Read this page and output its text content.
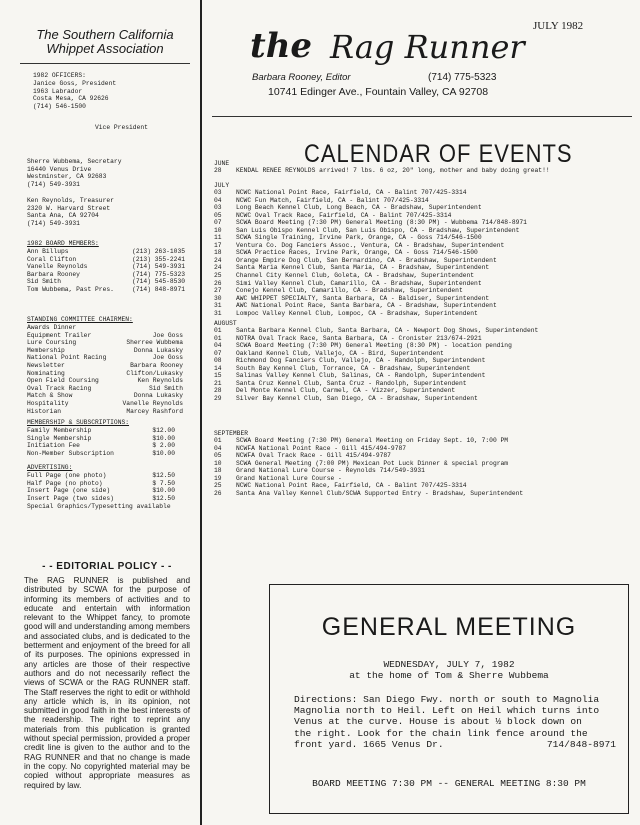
The Southern California
Whippet Association
1982 OFFICERS:
Janice Goss, President
1963 Labrador
Costa Mesa, CA 92626
(714) 546-1500
Vice President
Sherre Wubbema, Secretary
16440 Venus Drive
Westminster, CA 92683
(714) 549-3931
Ken Reynolds, Treasurer
2320 W. Harvard Street
Santa Ana, CA 92704
(714) 549-3931
1982 BOARD MEMBERS:
Ann Billups	(213) 263-1035
Coral Clifton	(213) 355-2241
Vanelle Reynolds	(714) 549-3931
Barbara Rooney	(714) 775-5323
Sid Smith	(714) 545-8530
Tom Wubbema, Past Pres.	(714) 848-8971
STANDING COMMITTEE CHAIRMEN:
Awards Dinner
Equipment Trailer	Joe Goss
Lure Coursing	Sherree Wubbema
Membership	Donna Lukasky
National Point Racing	Joe Goss
Newsletter	Barbara Rooney
Nominating	Clifton/Lukasky
Open Field Coursing	Ken Reynolds
Oval Track Racing	Sid Smith
Match & Show	Donna Lukasky
Hospitality	Vanelle Reynolds
Historian	Marcey Rashford
MEMBERSHIP & SUBSCRIPTIONS:
Family Membership	$12.00
Single Membership	$10.00
Initiation Fee	$ 2.00
Non-Member Subscription	$10.00
ADVERTISING:
Full Page (one photo)	$12.50
Half Page (no photo)	$ 7.50
Insert Page (one side)	$10.00
Insert Page (two sides)	$12.50
Special Graphics/Typesetting available
- - EDITORIAL POLICY - -
The RAG RUNNER is published and distributed by SCWA for the purpose of informing its members of activities and to educate and entertain with information relevant to the Whippet fancy, to promote good will and understanding among members and associated clubs, and is dedicated to the betterment and enjoyment of the breed for all of its purposes. The opinions expressed in any articles are those of their respective authors and do not necessarily reflect the views of SCWA or the RAG RUNNER staff. The Staff reserves the right to edit or withhold any article which is, in its opinion, not submitted in good faith in the best interests of the readership. The right to reprint any materials from this publication is granted without special permission, provided a proper credit line is given to the author and to the RAG RUNNER and that no change is made in the copy. No copyrighted material may be copied without appropriate measures as required by law.
JULY 1982
the Rag Runner
Barbara Rooney, Editor	(714) 775-5323
10741 Edinger Ave., Fountain Valley, CA 92708
CALENDAR OF EVENTS
JUNE
28 KENDAL RENEE REYNOLDS arrived! 7 lbs. 6 oz, 20" long, mother and baby doing great!!
JULY
03 NCWC National Point Race, Fairfield, CA - Balint 707/425-3314
04 NCWC Fun Match, Fairfield, CA - Balint 707/425-3314
03 Long Beach Kennel Club, Long Beach, CA - Bradshaw, Superintendent
05 NCWC Oval Track Race, Fairfield, CA - Balint 707/425-3314
07 SCWA Board Meeting (7:30 PM) General Meeting (8:30 PM) - Wubbema 714/848-8971
10 San Luis Obispo Kennel Club, San Luis Obispo, CA - Bradshaw, Superintendent
11 SCWA Single Training, Irvine Park, Orange, CA - Goss 714/546-1500
17 Ventura Co. Dog Fanciers Assoc., Ventura, CA - Bradshaw, Superintendent
18 SCWA Practice Races, Irvine Park, Orange, CA - Goss 714/546-1500
24 Orange Empire Dog Club, San Bernardino, CA - Bradshaw, Superintendent
24 Santa Maria Kennel Club, Santa Maria, CA - Bradshaw, Superintendent
25 Channel City Kennel Club, Goleta, CA - Bradshaw, Superintendent
26 Simi Valley Kennel Club, Camarillo, CA - Bradshaw, Superintendent
27 Conejo Kennel Club, Camarillo, CA - Bradshaw, Superintendent
30 AWC WHIPPET SPECIALTY, Santa Barbara, CA - Baldiser, Superintendent
31 AWC National Point Race, Santa Barbara, CA - Bradshaw, Superintendent
31 Lompoc Valley Kennel Club, Lompoc, CA - Bradshaw, Superintendent
AUGUST
01 Santa Barbara Kennel Club, Santa Barbara, CA - Newport Dog Shows, Superintendent
01 NOTRA Oval Track Race, Santa Barbara, CA - Cronister 213/674-2921
04 SCWA Board Meeting (7:30 PM) General Meeting (8:30 PM) - location pending
07 Oakland Kennel Club, Vallejo, CA - Bird, Superintendent
08 Richmond Dog Fanciers Club, Vallejo, CA - Randolph, Superintendent
14 South Bay Kennel Club, Torrance, CA - Bradshaw, Superintendent
15 Salinas Valley Kennel Club, Salinas, CA - Randolph, Superintendent
21 Santa Cruz Kennel Club, Santa Cruz - Randolph, Superintendent
28 Del Monte Kennel Club, Carmel, CA - Vizzer, Superintendent
29 Silver Bay Kennel Club, San Diego, CA - Bradshaw, Superintendent
SEPTEMBER
01 SCWA Board Meeting (7:30 PM) General Meeting on Friday Sept. 10, 7:00 PM
04 NCWFA National Point Race - Gill 415/494-9787
05 NCWFA Oval Track Race - Gill 415/494-9787
10 SCWA General Meeting (7:00 PM) Mexican Pot Luck Dinner & special program
18 Grand National Lure Course - Reynolds 714/549-3931
19 Grand National Lure Course -
25 NCWC National Point Race, Fairfield, CA - Balint 707/425-3314
26 Santa Ana Valley Kennel Club/SCWA Supported Entry - Bradshaw, Superintendent
GENERAL MEETING
WEDNESDAY, JULY 7, 1982
at the home of Tom & Sherre Wubbema
Directions: San Diego Fwy. north or south to Magnolia
Magnolia north to Heil. Left on Heil which turns into
Venus at the curve. House is about ½ block down on
the right. Look for the chain link fence around the
front yard. 1665 Venus Dr.	714/848-8971
BOARD MEETING 7:30 PM -- GENERAL MEETING 8:30 PM
